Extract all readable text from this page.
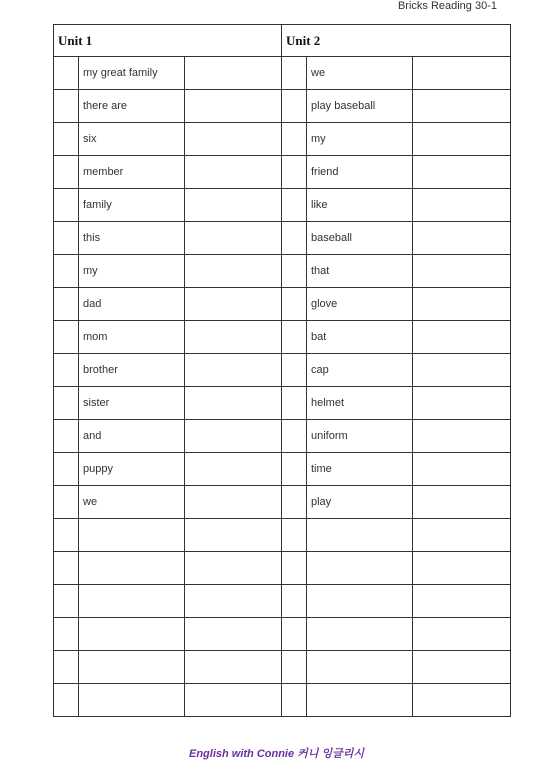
Bricks Reading 30-1
Unit 1			Unit 2		
	my great family			we	
	there are			play baseball	
	six			my	
	member			friend	
	family			like	
	this			baseball	
	my			that	
	dad			glove	
	mom			bat	
	brother			cap	
	sister			helmet	
	and			uniform	
	puppy			time	
	we			play	

English with Connie 커니 잉글리시
